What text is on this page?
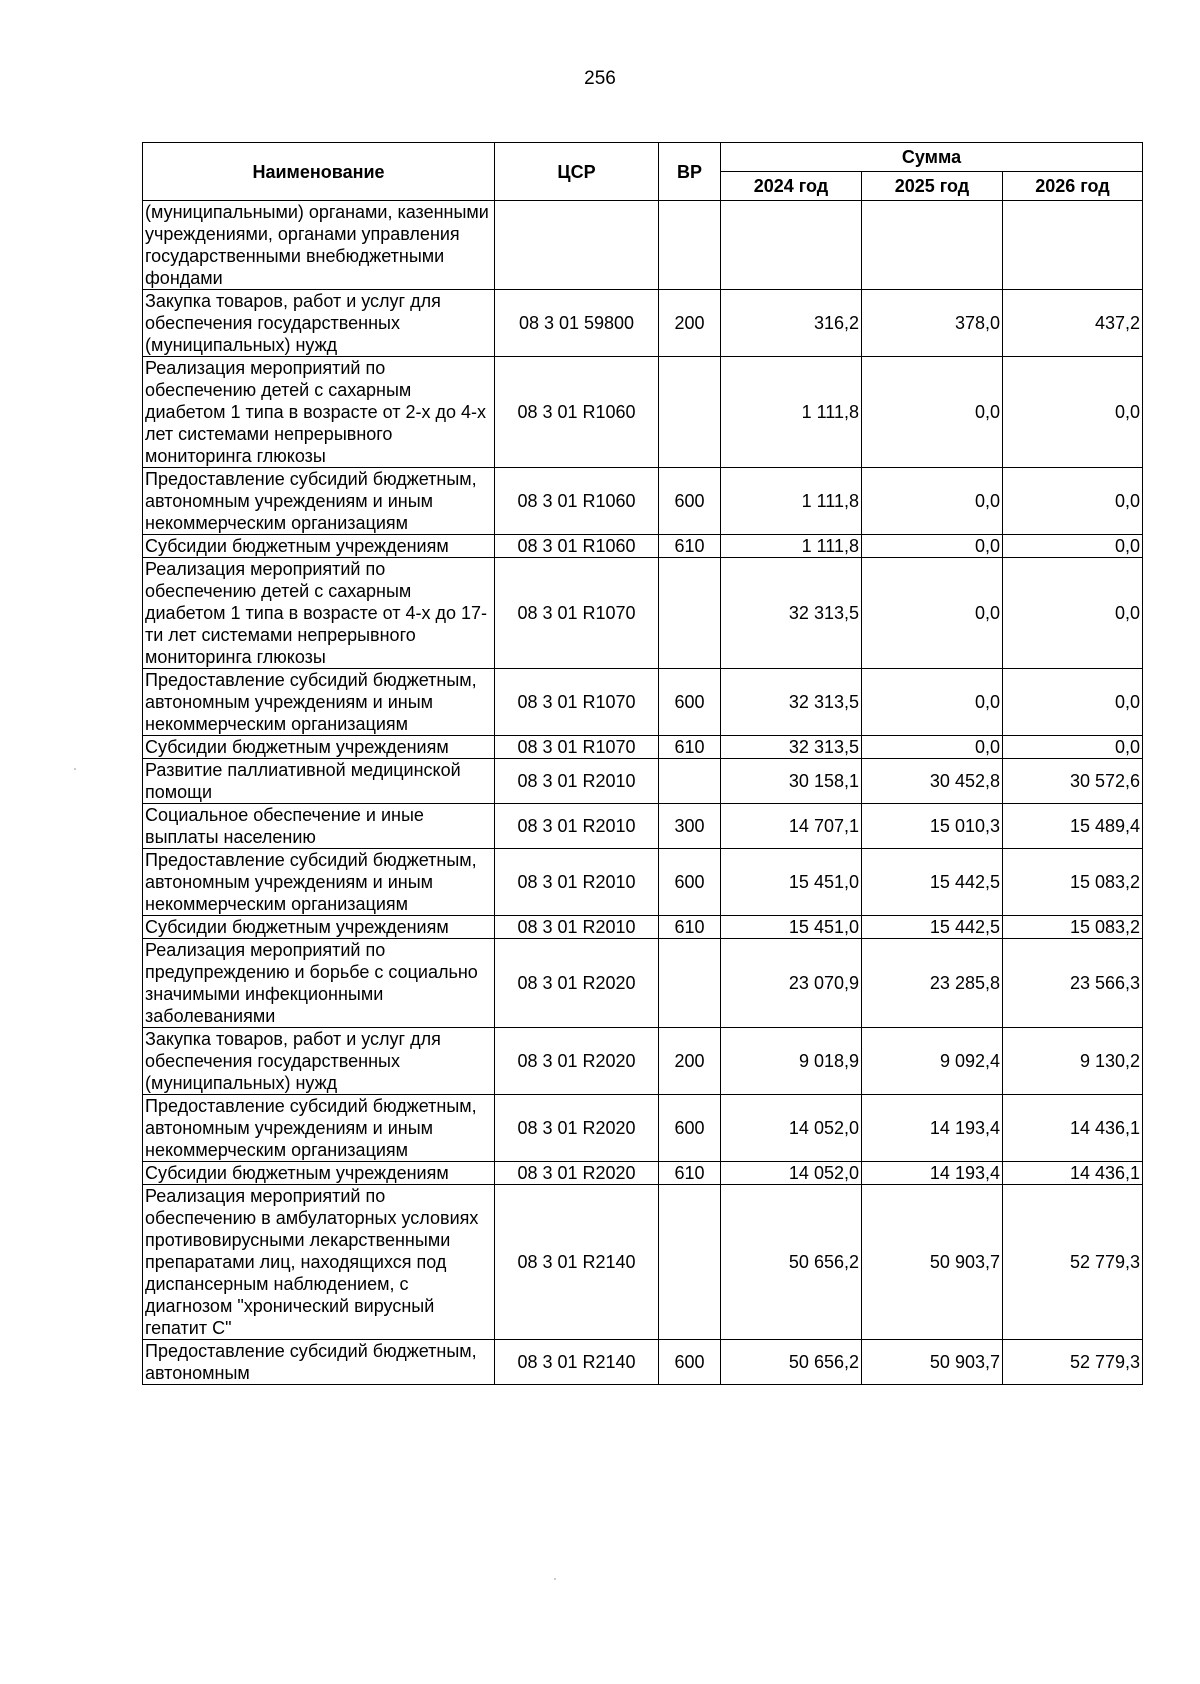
256
Наименование	ЦСР	ВР	Сумма		
			2024 год	2025 год	2026 год
(муниципальными) органами, казенными учреждениями, органами управления государственными внебюджетными фондами					
Закупка товаров, работ и услуг для обеспечения государственных (муниципальных) нужд	08 3 01 59800	200	316,2	378,0	437,2
Реализация мероприятий по обеспечению детей с сахарным диабетом 1 типа в возрасте от 2-х до 4-х лет системами непрерывного мониторинга глюкозы	08 3 01 R1060		1 111,8	0,0	0,0
Предоставление субсидий бюджетным, автономным учреждениям и иным некоммерческим организациям	08 3 01 R1060	600	1 111,8	0,0	0,0
Субсидии бюджетным учреждениям	08 3 01 R1060	610	1 111,8	0,0	0,0
Реализация мероприятий по обеспечению детей с сахарным диабетом 1 типа в возрасте от 4-х до 17-ти лет системами непрерывного мониторинга глюкозы	08 3 01 R1070		32 313,5	0,0	0,0
Предоставление субсидий бюджетным, автономным учреждениям и иным некоммерческим организациям	08 3 01 R1070	600	32 313,5	0,0	0,0
Субсидии бюджетным учреждениям	08 3 01 R1070	610	32 313,5	0,0	0,0
Развитие паллиативной медицинской помощи	08 3 01 R2010		30 158,1	30 452,8	30 572,6
Социальное обеспечение и иные выплаты населению	08 3 01 R2010	300	14 707,1	15 010,3	15 489,4
Предоставление субсидий бюджетным, автономным учреждениям и иным некоммерческим организациям	08 3 01 R2010	600	15 451,0	15 442,5	15 083,2
Субсидии бюджетным учреждениям	08 3 01 R2010	610	15 451,0	15 442,5	15 083,2
Реализация мероприятий по предупреждению и борьбе с социально значимыми инфекционными заболеваниями	08 3 01 R2020		23 070,9	23 285,8	23 566,3
Закупка товаров, работ и услуг для обеспечения государственных (муниципальных) нужд	08 3 01 R2020	200	9 018,9	9 092,4	9 130,2
Предоставление субсидий бюджетным, автономным учреждениям и иным некоммерческим организациям	08 3 01 R2020	600	14 052,0	14 193,4	14 436,1
Субсидии бюджетным учреждениям	08 3 01 R2020	610	14 052,0	14 193,4	14 436,1
Реализация мероприятий по обеспечению в амбулаторных условиях противовирусными лекарственными препаратами лиц, находящихся под диспансерным наблюдением, с диагнозом "хронический вирусный гепатит С"	08 3 01 R2140		50 656,2	50 903,7	52 779,3
Предоставление субсидий бюджетным, автономным	08 3 01 R2140	600	50 656,2	50 903,7	52 779,3
